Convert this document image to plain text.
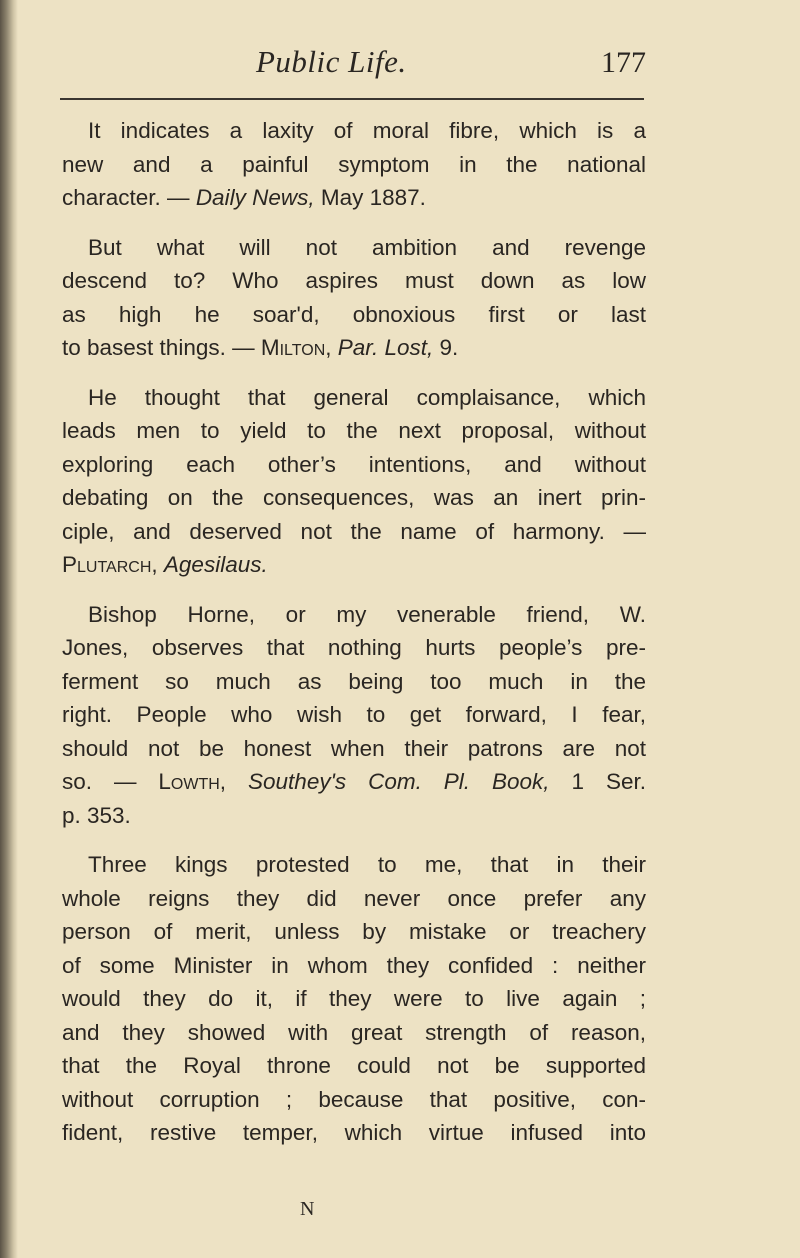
Public Life.	177

It indicates a laxity of moral fibre, which is a
new and a painful symptom in the national
character. — Daily News, May 1887.

But what will not ambition and revenge
descend to? Who aspires must down as low
as high he soar'd, obnoxious first or last
to basest things. — Milton, Par. Lost, 9.

He thought that general complaisance, which
leads men to yield to the next proposal, without
exploring each other’s intentions, and without
debating on the consequences, was an inert prin-
ciple, and deserved not the name of harmony. —
Plutarch, Agesilaus.

Bishop Horne, or my venerable friend, W.
Jones, observes that nothing hurts people’s pre-
ferment so much as being too much in the
right. People who wish to get forward, I fear,
should not be honest when their patrons are not
so. — Lowth, Southey's Com. Pl. Book, 1 Ser.
p. 353.

Three kings protested to me, that in their
whole reigns they did never once prefer any
person of merit, unless by mistake or treachery
of some Minister in whom they confided : neither
would they do it, if they were to live again ;
and they showed with great strength of reason,
that the Royal throne could not be supported
without corruption ; because that positive, con-
fident, restive temper, which virtue infused into

N
